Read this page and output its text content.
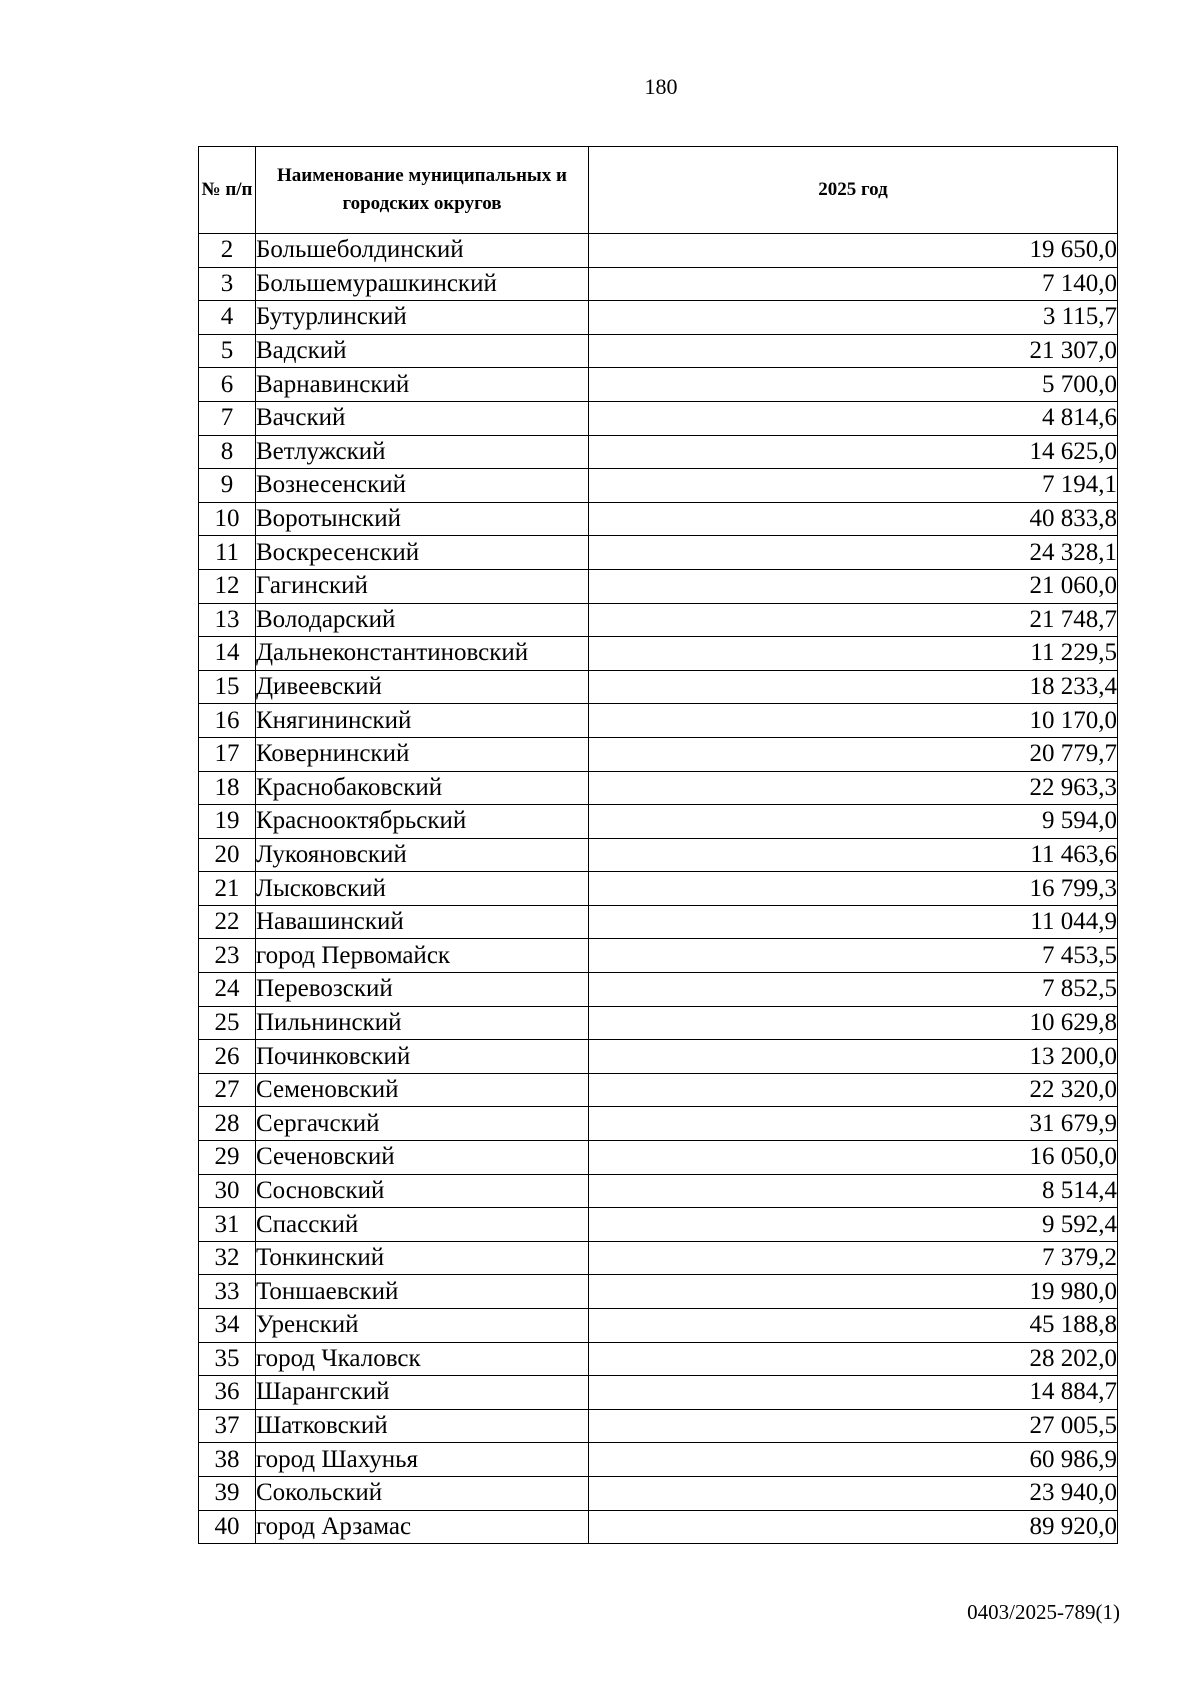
180
№ п/п	Наименование муниципальных и городских округов	2025 год
2	Большеболдинский	19 650,0
3	Большемурашкинский	7 140,0
4	Бутурлинский	3 115,7
5	Вадский	21 307,0
6	Варнавинский	5 700,0
7	Вачский	4 814,6
8	Ветлужский	14 625,0
9	Вознесенский	7 194,1
10	Воротынский	40 833,8
11	Воскресенский	24 328,1
12	Гагинский	21 060,0
13	Володарский	21 748,7
14	Дальнеконстантиновский	11 229,5
15	Дивеевский	18 233,4
16	Княгининский	10 170,0
17	Ковернинский	20 779,7
18	Краснобаковский	22 963,3
19	Краснооктябрьский	9 594,0
20	Лукояновский	11 463,6
21	Лысковский	16 799,3
22	Навашинский	11 044,9
23	город Первомайск	7 453,5
24	Перевозский	7 852,5
25	Пильнинский	10 629,8
26	Починковский	13 200,0
27	Семеновский	22 320,0
28	Сергачский	31 679,9
29	Сеченовский	16 050,0
30	Сосновский	8 514,4
31	Спасский	9 592,4
32	Тонкинский	7 379,2
33	Тоншаевский	19 980,0
34	Уренский	45 188,8
35	город Чкаловск	28 202,0
36	Шарангский	14 884,7
37	Шатковский	27 005,5
38	город Шахунья	60 986,9
39	Сокольский	23 940,0
40	город Арзамас	89 920,0
0403/2025-789(1)
